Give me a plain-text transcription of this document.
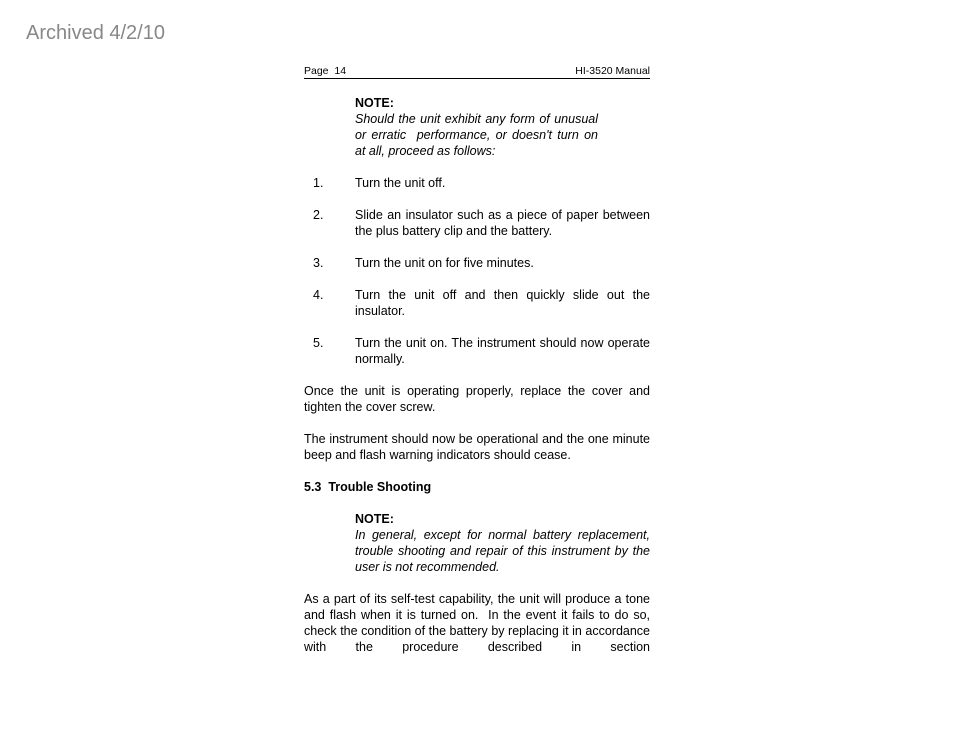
Archived 4/2/10
Page  14	HI-3520 Manual
NOTE:
Should the unit exhibit any form of unusual or erratic  performance, or doesn't turn on at all, proceed as follows:
1.	Turn the unit off.
2.	Slide an insulator such as a piece of paper between the plus battery clip and the battery.
3.	Turn the unit on for five minutes.
4.	Turn the unit off and then quickly slide out the insulator.
5.	Turn the unit on. The instrument should now operate normally.
Once the unit is operating properly, replace the cover and tighten the cover screw.
The instrument should now be operational and the one minute beep and flash warning indicators should cease.
5.3  Trouble Shooting
NOTE:
In general, except for normal battery replacement, trouble shooting and repair of this instrument by the user is not recommended.
As a part of its self-test capability, the unit will produce a tone and flash when it is turned on.  In the event it fails to do so, check the condition of the battery by replacing it in accordance with the procedure described in section
